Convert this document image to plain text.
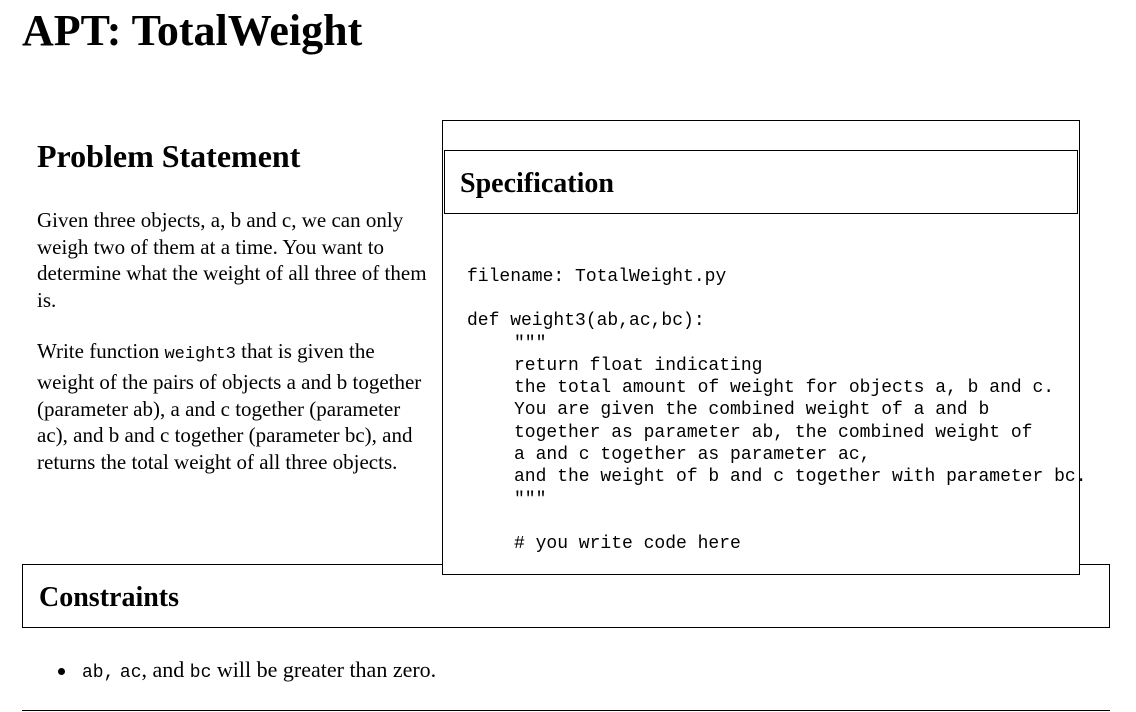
APT: TotalWeight
Problem Statement

Given three objects, a, b and c, we can only weigh two of them at a time. You want to determine what the weight of all three of them is.

Write function weight3 that is given the weight of the pairs of objects a and b together (parameter ab), a and c together (parameter ac), and b and c together (parameter bc), and returns the total weight of all three objects.

Constraints
ab, ac, and bc will be greater than zero.
Specification
filename: TotalWeight.py
def weight3(ab,ac,bc):
"""
return float indicating
the total amount of weight for objects a, b and c.
You are given the combined weight of a and b
together as parameter ab, the combined weight of
a and c together as parameter ac,
and the weight of b and c together with parameter bc.
"""
# you write code here
